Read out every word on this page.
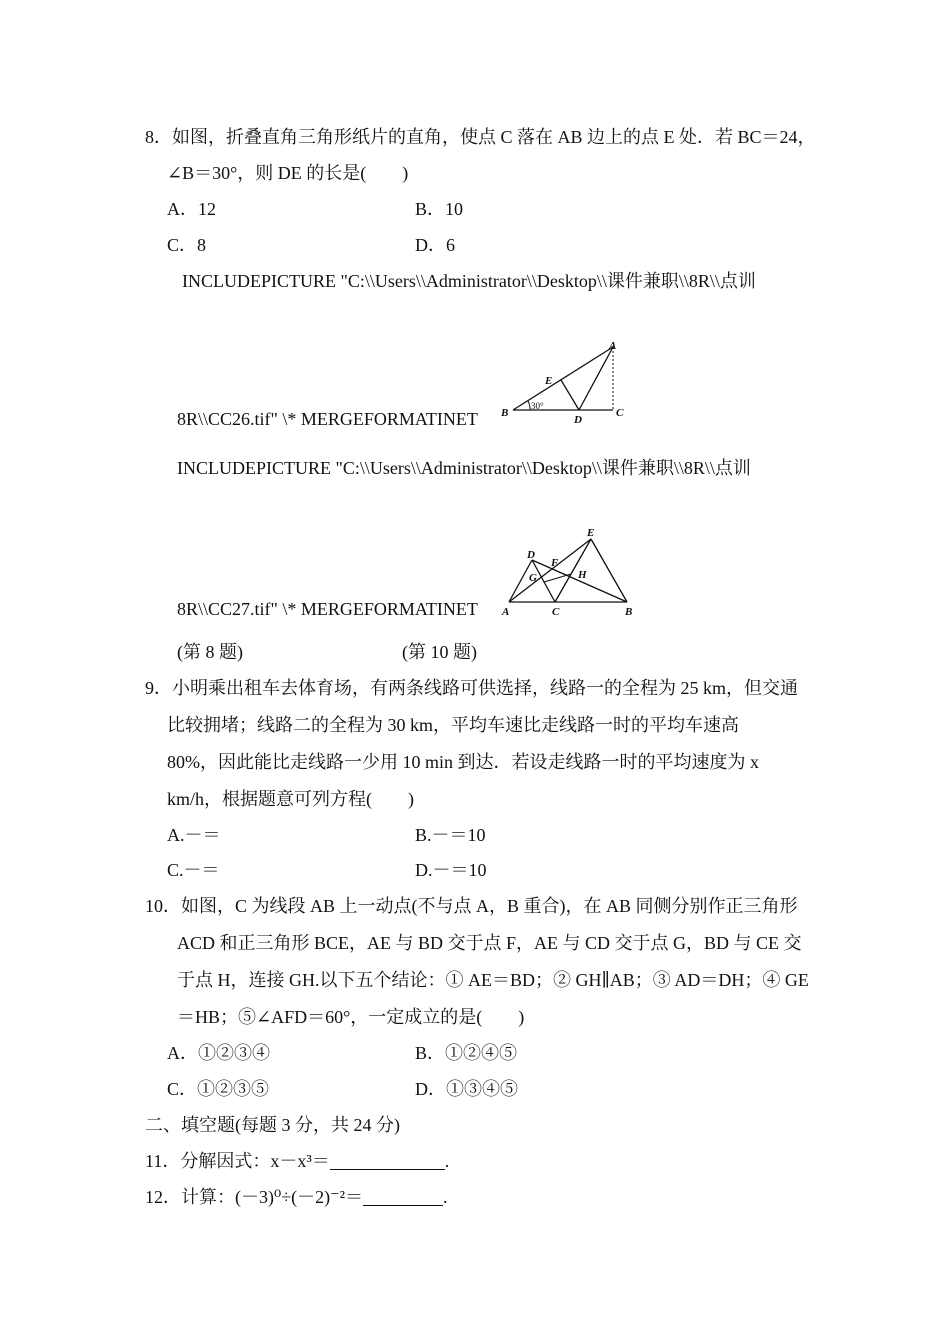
8．如图，折叠直角三角形纸片的直角，使点 C 落在 AB 边上的点 E 处．若 BC＝24，
∠B＝30°，则 DE 的长是(　　)
A．12	B．10
C．8	D．6
INCLUDEPICTURE "C:\\Users\\Administrator\\Desktop\\课件兼职\\8R\\点训
8R\\CC26.tif" \* MERGEFORMATINET
A
B	C
D
E
30°
INCLUDEPICTURE "C:\\Users\\Administrator\\Desktop\\课件兼职\\8R\\点训
8R\\CC27.tif" \* MERGEFORMATINET
E
D
F
G	H
A	C	B
(第 8 题)	(第 10 题)
9．小明乘出租车去体育场，有两条线路可供选择，线路一的全程为 25 km，但交通
比较拥堵；线路二的全程为 30 km，平均车速比走线路一时的平均车速高
80%，因此能比走线路一少用 10 min 到达．若设走线路一时的平均速度为 x
km/h，根据题意可列方程(　　)
A.－＝	B.－＝10
C.－＝	D.－＝10
10．如图，C 为线段 AB 上一动点(不与点 A，B 重合)，在 AB 同侧分别作正三角形
ACD 和正三角形 BCE，AE 与 BD 交于点 F，AE 与 CD 交于点 G，BD 与 CE 交
于点 H，连接 GH.以下五个结论：① AE＝BD；② GH∥AB；③ AD＝DH；④ GE
＝HB；⑤∠AFD＝60°，一定成立的是(　　)
A．①②③④	B．①②④⑤
C．①②③⑤	D．①③④⑤
二、填空题(每题 3 分，共 24 分)
11．分解因式：x－x³＝	.
12．计算：(－3)⁰÷(－2)⁻²＝	.
